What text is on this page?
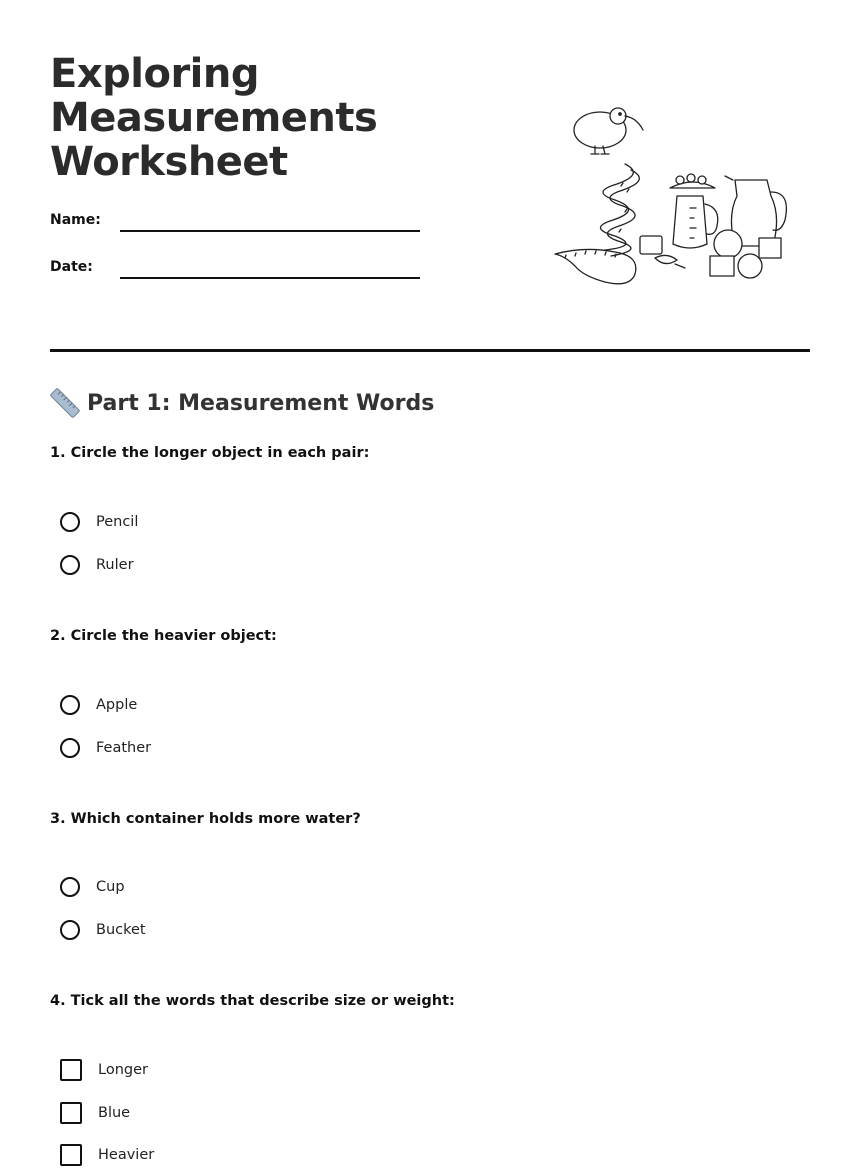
Exploring Measurements Worksheet
Name:
Date:
Part 1: Measurement Words

1. Circle the longer object in each pair:

Pencil
Ruler

2. Circle the heavier object:

Apple
Feather

3. Which container holds more water?

Cup
Bucket

4. Tick all the words that describe size or weight:

Longer
Blue
Heavier
